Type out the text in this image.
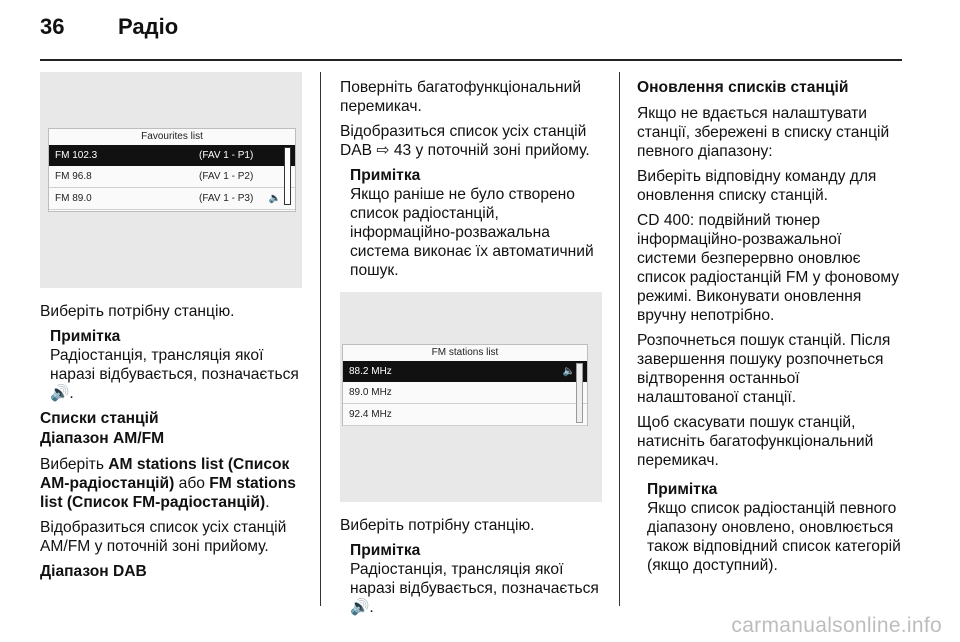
36 Радіо
Favourites list
FM 102.3	(FAV 1 - P1)
FM 96.8	(FAV 1 - P2)
FM 89.0	(FAV 1 - P3) 🔈

Виберіть потрібну станцію.

Примітка
Радіостанція, трансляція якої наразі відбувається, позначається 🔊.
Списки станцій
Діапазон AM/FM

Виберіть AM stations list (Список AM-радіостанцій) або FM stations list (Список FM-радіостанцій).

Відобразиться список усіх станцій AM/FM у поточній зоні прийому.

Діапазон DAB

Поверніть багатофункціональний перемикач.

Відобразиться список усіх станцій DAB ⇨ 43 у поточній зоні прийому.

Примітка
Якщо раніше не було створено список радіостанцій, інформаційно-розважальна система виконає їх автоматичний пошук.
FM stations list
88.2 MHz	🔈
89.0 MHz
92.4 MHz

Виберіть потрібну станцію.

Примітка
Радіостанція, трансляція якої наразі відбувається, позначається 🔊.
Оновлення списків станцій

Якщо не вдається налаштувати станції, збережені в списку станцій певного діапазону:

Виберіть відповідну команду для оновлення списку станцій.

CD 400: подвійний тюнер інформаційно-розважальної системи безперервно оновлює список радіостанцій FM у фоновому режимі. Виконувати оновлення вручну непотрібно.

Розпочнеться пошук станцій. Після завершення пошуку розпочнеться відтворення останньої налаштованої станції.

Щоб скасувати пошук станцій, натисніть багатофункціональний перемикач.

Примітка
Якщо список радіостанцій певного діапазону оновлено, оновлюється також відповідний список категорій (якщо доступний).
carmanualsonline.info
